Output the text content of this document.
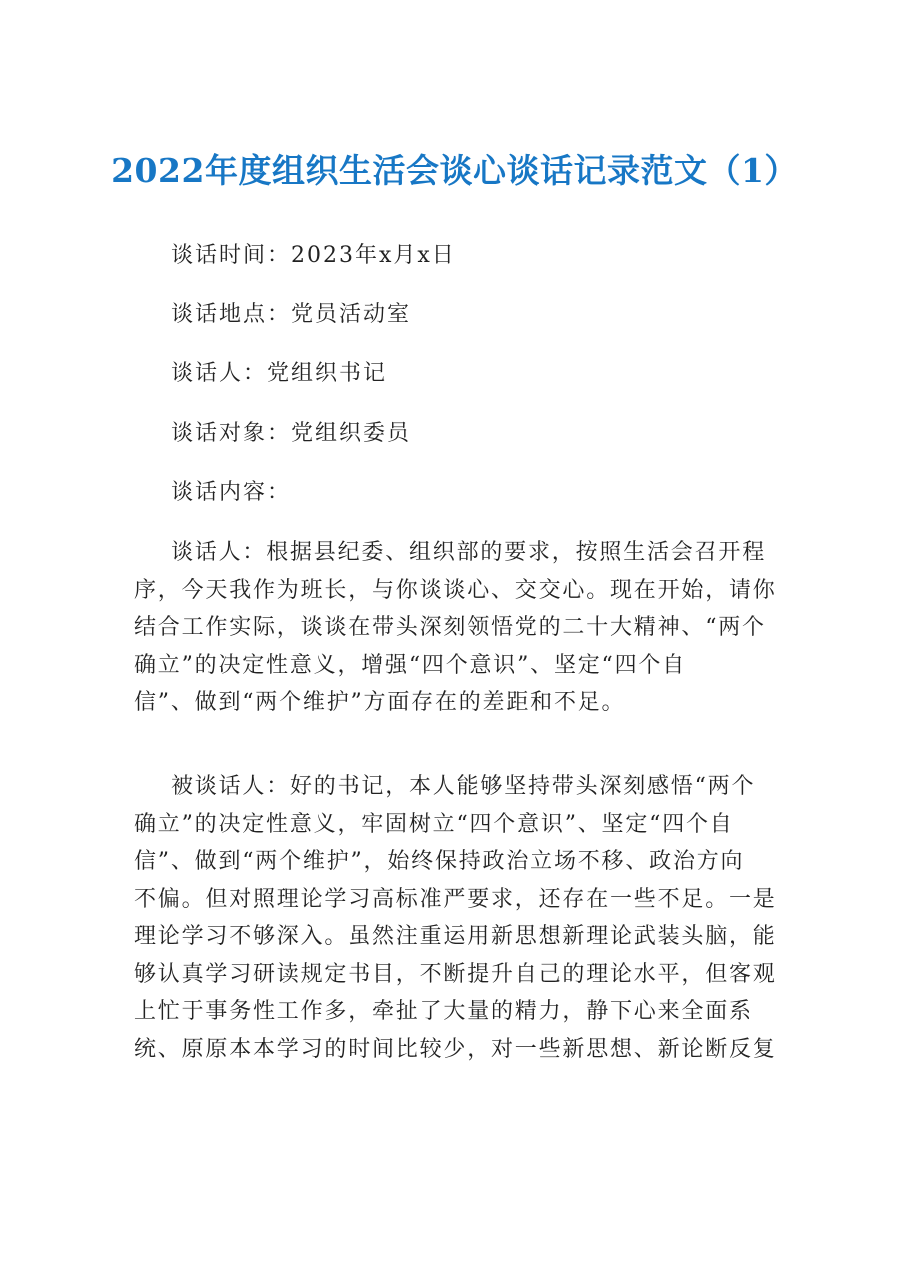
2022年度组织生活会谈心谈话记录范文（1）
谈话时间：2023年x月x日
谈话地点：党员活动室
谈话人：党组织书记
谈话对象：党组织委员
谈话内容：
谈话人：根据县纪委、组织部的要求，按照生活会召开程
序，今天我作为班长，与你谈谈心、交交心。现在开始，请你
结合工作实际，谈谈在带头深刻领悟党的二十大精神、“两个
确立”的决定性意义，增强“四个意识”、坚定“四个自
信”、做到“两个维护”方面存在的差距和不足。
被谈话人：好的书记，本人能够坚持带头深刻感悟“两个
确立”的决定性意义，牢固树立“四个意识”、坚定“四个自
信”、做到“两个维护”，始终保持政治立场不移、政治方向
不偏。但对照理论学习高标准严要求，还存在一些不足。一是
理论学习不够深入。虽然注重运用新思想新理论武装头脑，能
够认真学习研读规定书目，不断提升自己的理论水平，但客观
上忙于事务性工作多，牵扯了大量的精力，静下心来全面系
统、原原本本学习的时间比较少，对一些新思想、新论断反复
